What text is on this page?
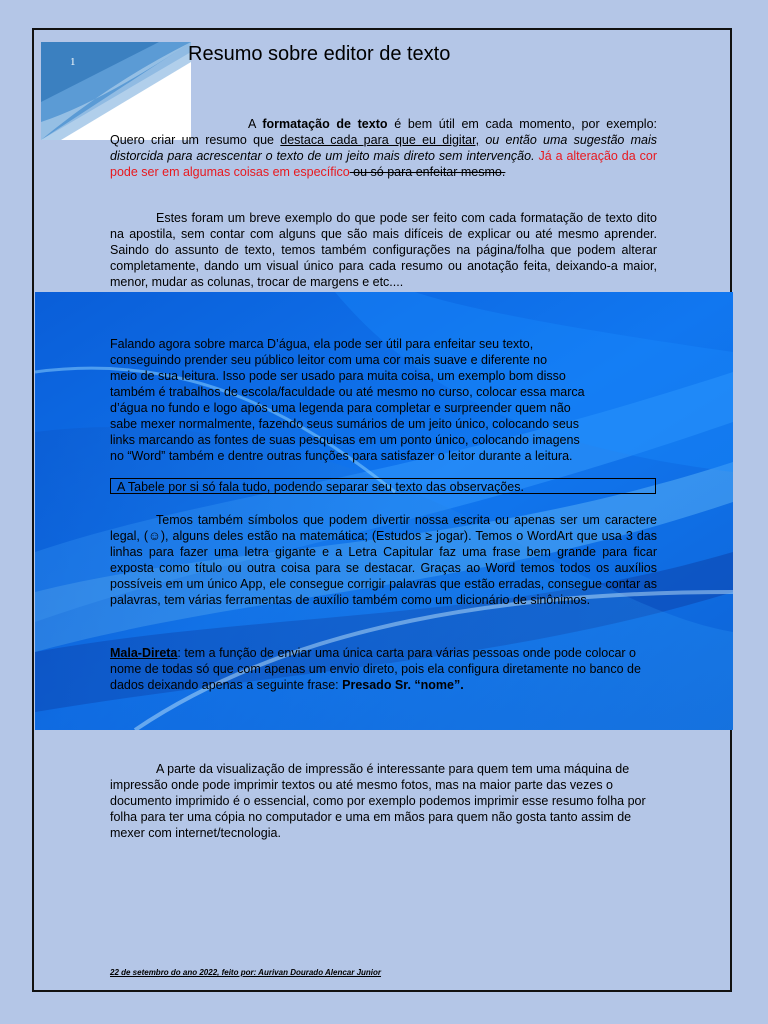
1	Resumo sobre editor de texto

A formatação de texto é bem útil em cada momento, por exemplo: Quero criar um resumo que destaca cada para que eu digitar, ou então uma sugestão mais distorcida para acrescentar o texto de um jeito mais direto sem intervenção. Já a alteração da cor pode ser em algumas coisas em específico ou só para enfeitar mesmo.

Estes foram um breve exemplo do que pode ser feito com cada formatação de texto dito na apostila, sem contar com alguns que são mais difíceis de explicar ou até mesmo aprender. Saindo do assunto de texto, temos também configurações na página/folha que podem alterar completamente, dando um visual único para cada resumo ou anotação feita, deixando-a maior, menor, mudar as colunas, trocar de margens e etc....

Falando agora sobre marca D’água, ela pode ser útil para enfeitar seu texto,
conseguindo prender seu público leitor com uma cor mais suave e diferente no
meio de sua leitura. Isso pode ser usado para muita coisa, um exemplo bom disso
também é trabalhos de escola/faculdade ou até mesmo no curso, colocar essa marca
d’água no fundo e logo após uma legenda para completar e surpreender quem não
sabe mexer normalmente, fazendo seus sumários de um jeito único, colocando seus
links marcando as fontes de suas pesquisas em um ponto único, colocando imagens
no “Word” também e dentre outras funções para satisfazer o leitor durante a leitura.
A Tabele por si só fala tudo, podendo separar seu texto das observações.

Temos também símbolos que podem divertir nossa escrita ou apenas ser um caractere legal, (☺), alguns deles estão na matemática; (Estudos ≥ jogar). Temos o WordArt que usa 3 das linhas para fazer uma letra gigante e a Letra Capitular faz uma frase bem grande para ficar exposta como título ou outra coisa para se destacar. Graças ao Word temos todos os auxílios possíveis em um único App, ele consegue corrigir palavras que estão erradas, consegue contar as palavras, tem várias ferramentas de auxílio também como um dicionário de sinônimos.

Mala-Direta: tem a função de enviar uma única carta para várias pessoas onde pode colocar o nome de todas só que com apenas um envio direto, pois ela configura diretamente no banco de dados deixando apenas a seguinte frase: Presado Sr. “nome”.

A parte da visualização de impressão é interessante para quem tem uma máquina de impressão onde pode imprimir textos ou até mesmo fotos, mas na maior parte das vezes o documento imprimido é o essencial, como por exemplo podemos imprimir esse resumo folha por folha para ter uma cópia no computador e uma em mãos para quem não gosta tanto assim de mexer com internet/tecnologia.

22 de setembro do ano 2022, feito por: Aurivan Dourado Alencar Junior
